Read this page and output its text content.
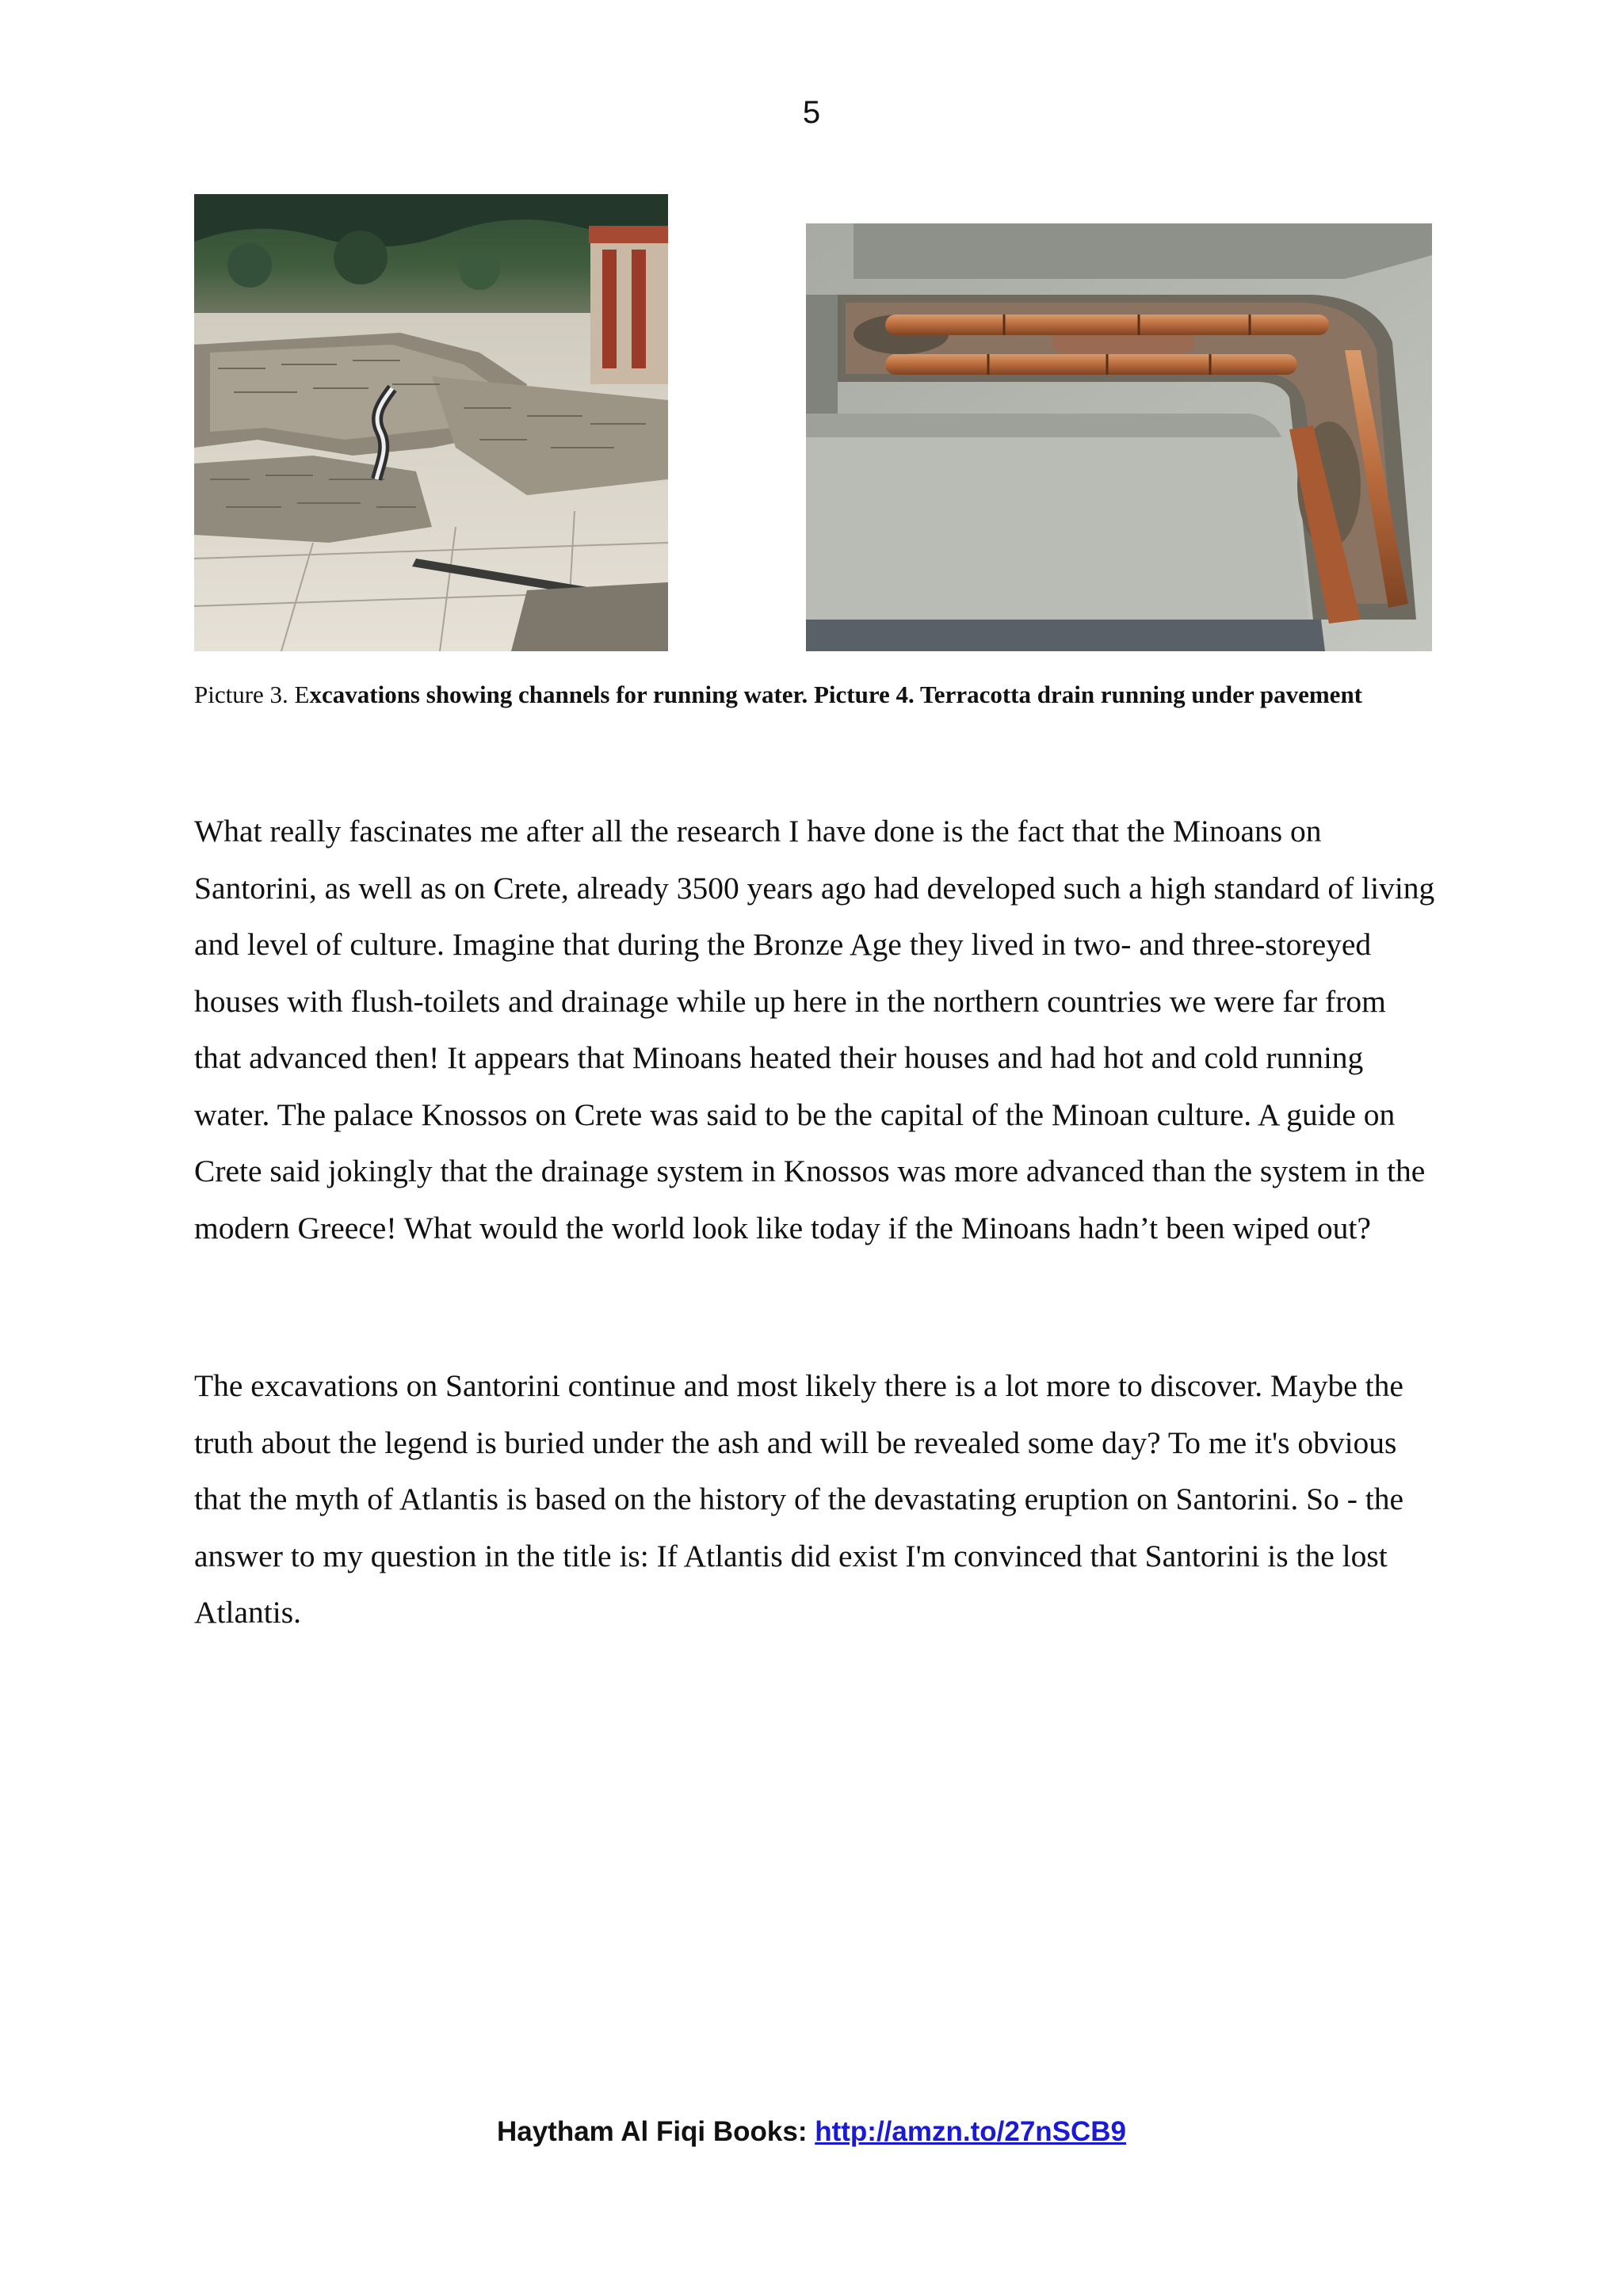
5
Picture 3. Excavations showing channels for running water. Picture 4. Terracotta drain running under pavement

What really fascinates me after all the research I have done is the fact that the Minoans on Santorini, as well as on Crete, already 3500 years ago had developed such a high standard of living and level of culture. Imagine that during the Bronze Age they lived in two- and three-storeyed houses with flush-toilets and drainage while up here in the northern countries we were far from that advanced then! It appears that Minoans heated their houses and had hot and cold running water. The palace Knossos on Crete was said to be the capital of the Minoan culture. A guide on Crete said jokingly that the drainage system in Knossos was more advanced than the system in the modern Greece! What would the world look like today if the Minoans hadn’t been wiped out?

The excavations on Santorini continue and most likely there is a lot more to discover. Maybe the truth about the legend is buried under the ash and will be revealed some day? To me it's obvious that the myth of Atlantis is based on the history of the devastating eruption on Santorini. So - the answer to my question in the title is: If Atlantis did exist I'm convinced that Santorini is the lost Atlantis.

Haytham Al Fiqi Books: http://amzn.to/27nSCB9
